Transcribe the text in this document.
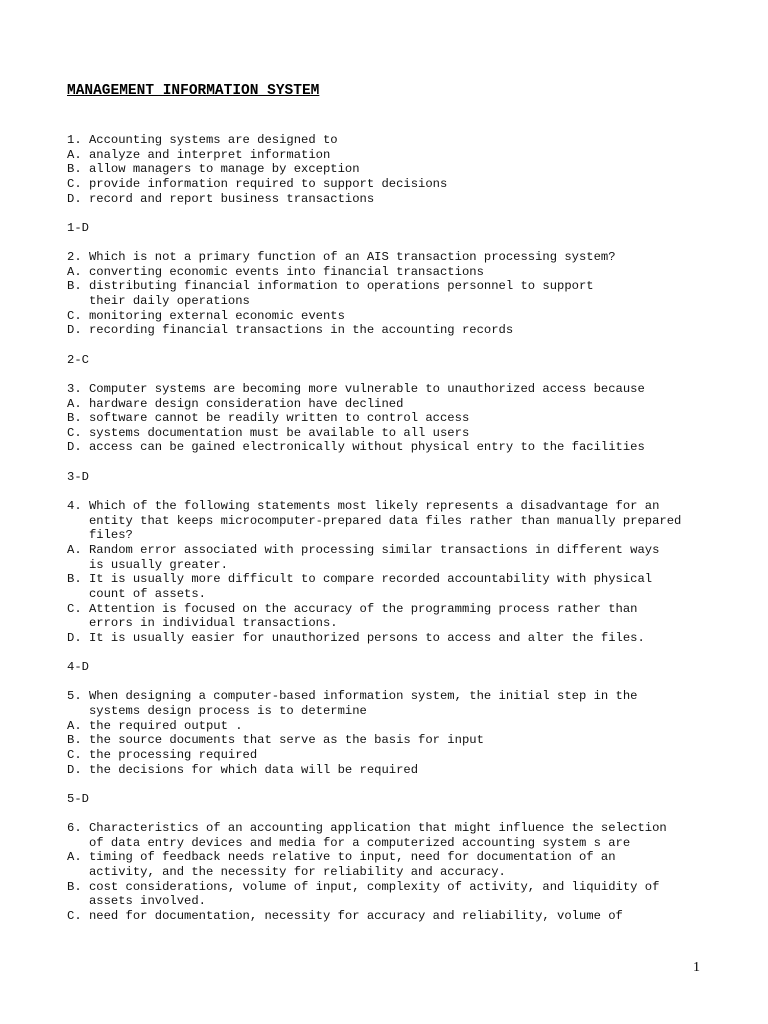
MANAGEMENT INFORMATION SYSTEM
1. Accounting systems are designed to
A. analyze and interpret information
B. allow managers to manage by exception
C. provide information required to support decisions
D. record and report business transactions
1-D
2. Which is not a primary function of an AIS transaction processing system?
A. converting economic events into financial transactions
B. distributing financial information to operations personnel to support
their daily operations
C. monitoring external economic events
D. recording financial transactions in the accounting records
2-C
3. Computer systems are becoming more vulnerable to unauthorized access because
A. hardware design consideration have declined
B. software cannot be readily written to control access
C. systems documentation must be available to all users
D. access can be gained electronically without physical entry to the facilities
3-D
4. Which of the following statements most likely represents a disadvantage for an
entity that keeps microcomputer-prepared data files rather than manually prepared
files?
A. Random error associated with processing similar transactions in different ways
is usually greater.
B. It is usually more difficult to compare recorded accountability with physical
count of assets.
C. Attention is focused on the accuracy of the programming process rather than
errors in individual transactions.
D. It is usually easier for unauthorized persons to access and alter the files.
4-D
5. When designing a computer-based information system, the initial step in the
systems design process is to determine
A. the required output .
B. the source documents that serve as the basis for input
C. the processing required
D. the decisions for which data will be required
5-D
6. Characteristics of an accounting application that might influence the selection
of data entry devices and media for a computerized accounting system s are
A. timing of feedback needs relative to input, need for documentation of an
activity, and the necessity for reliability and accuracy.
B. cost considerations, volume of input, complexity of activity, and liquidity of
assets involved.
C. need for documentation, necessity for accuracy and reliability, volume of
1
